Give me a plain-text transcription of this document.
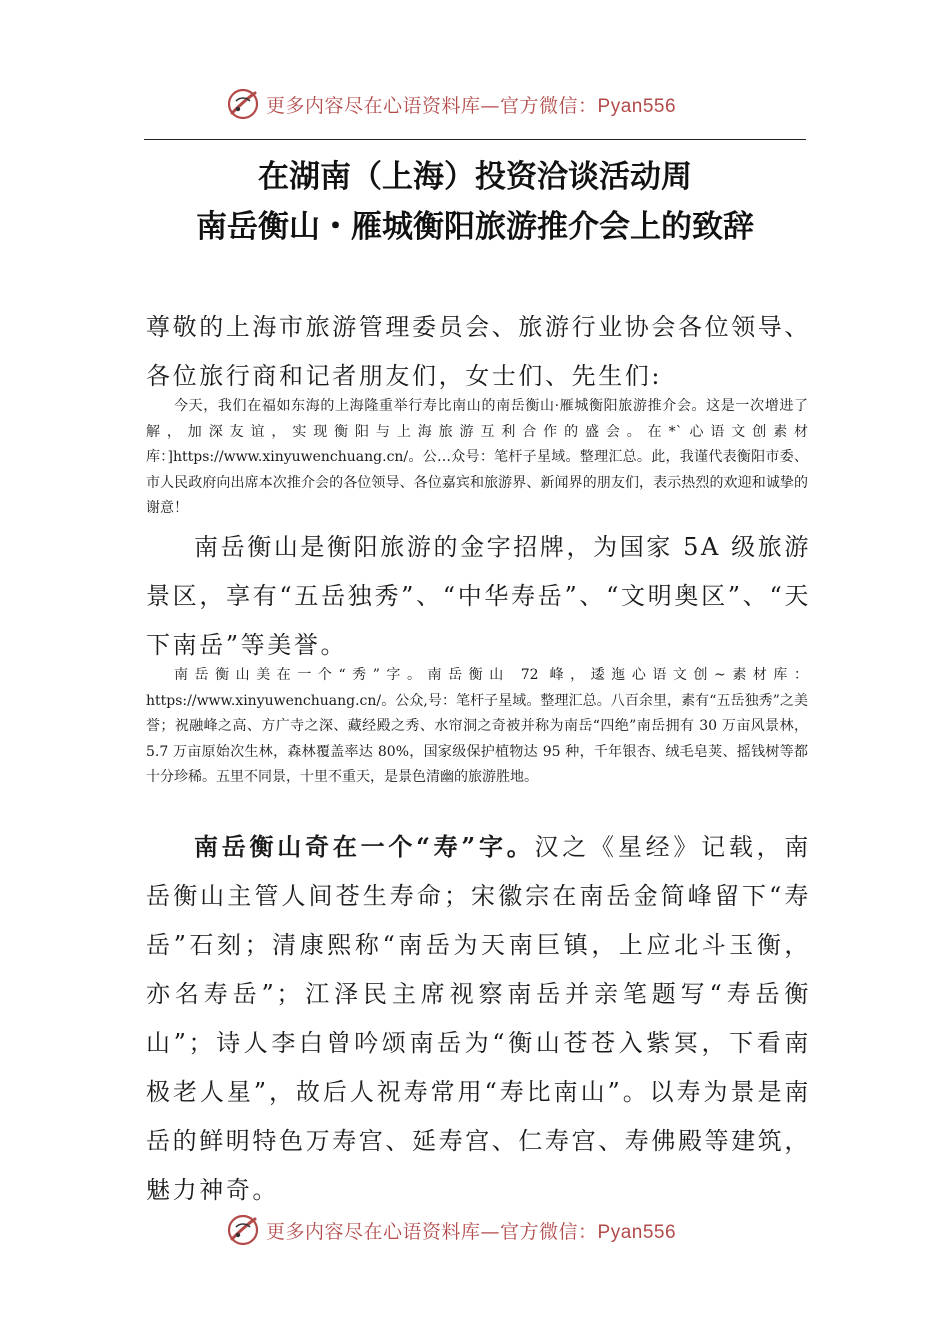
更多内容尽在心语资料库—官方微信：Pyan556
在湖南（上海）投资洽谈活动周
南岳衡山・雁城衡阳旅游推介会上的致辞

尊敬的上海市旅游管理委员会、旅游行业协会各位领导、各位旅行商和记者朋友们，女士们、先生们:

今天，我们在福如东海的上海隆重举行寿比南山的南岳衡山·雁城衡阳旅游推介会。这是一次增进了解，加深友谊，实现衡阳与上海旅游互利合作的盛会。在*`心语文创素材库：]https://www.xinyuwenchuang.cn/。公…众号：笔杆子星域。整理汇总。此，我谨代表衡阳市委、市人民政府向出席本次推介会的各位领导、各位嘉宾和旅游界、新闻界的朋友们，表示热烈的欢迎和诚挚的谢意！

南岳衡山是衡阳旅游的金字招牌，为国家 5A 级旅游景区，享有“五岳独秀”、“中华寿岳”、“文明奥区”、“天下南岳”等美誉。

南岳衡山美在一个“秀”字。南岳衡山 72 峰，逶迤心语文创~素材库：https://www.xinyuwenchuang.cn/。公众,号：笔杆子星域。整理汇总。八百余里，素有“五岳独秀”之美誉；祝融峰之高、方广寺之深、藏经殿之秀、水帘洞之奇被并称为南岳“四绝”南岳拥有 30 万亩风景林，5.7 万亩原始次生林，森林覆盖率达 80%，国家级保护植物达 95 种，千年银杏、绒毛皂荚、摇钱树等都十分珍稀。五里不同景，十里不重天，是景色清幽的旅游胜地。

南岳衡山奇在一个“寿”字。汉之《星经》记载，南岳衡山主管人间苍生寿命；宋徽宗在南岳金简峰留下“寿岳”石刻；清康熙称“南岳为天南巨镇，上应北斗玉衡，亦名寿岳”；江泽民主席视察南岳并亲笔题写“寿岳衡山”；诗人李白曾吟颂南岳为“衡山苍苍入紫冥，下看南极老人星”，故后人祝寿常用“寿比南山”。以寿为景是南岳的鲜明特色万寿宫、延寿宫、仁寿宫、寿佛殿等建筑，魅力神奇。

更多内容尽在心语资料库—官方微信：Pyan556
